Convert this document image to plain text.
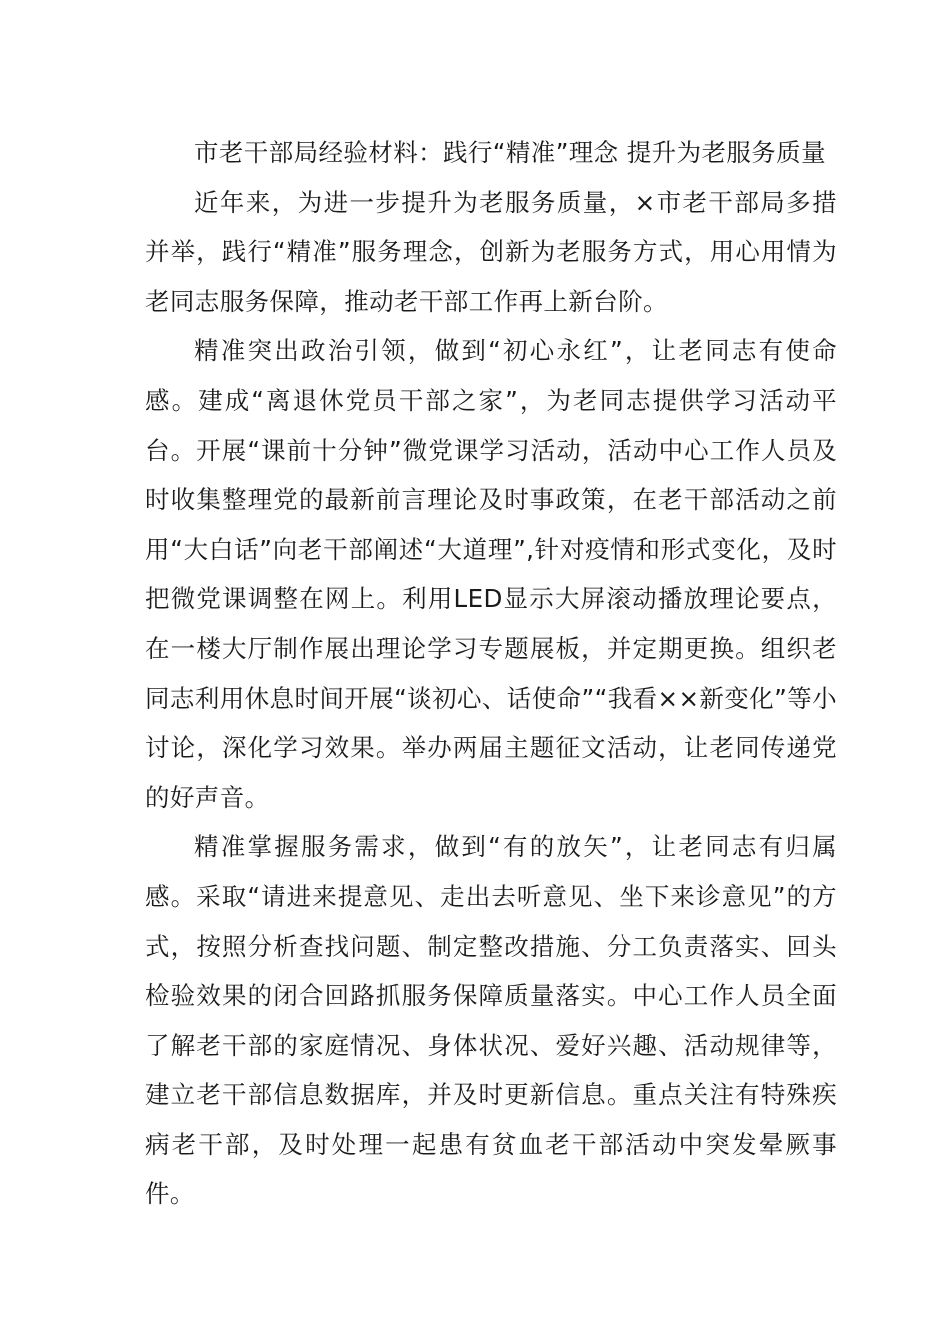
市老干部局经验材料：践行“精准”理念 提升为老服务质量

近年来，为进一步提升为老服务质量，×市老干部局多措并举，践行“精准”服务理念，创新为老服务方式，用心用情为老同志服务保障，推动老干部工作再上新台阶。

精准突出政治引领，做到“初心永红”，让老同志有使命感。建成“离退休党员干部之家”，为老同志提供学习活动平台。开展“课前十分钟”微党课学习活动，活动中心工作人员及时收集整理党的最新前言理论及时事政策，在老干部活动之前用“大白话”向老干部阐述“大道理”,针对疫情和形式变化，及时把微党课调整在网上。利用LED显示大屏滚动播放理论要点，在一楼大厅制作展出理论学习专题展板，并定期更换。组织老同志利用休息时间开展“谈初心、话使命”“我看××新变化”等小讨论，深化学习效果。举办两届主题征文活动，让老同传递党的好声音。

精准掌握服务需求，做到“有的放矢”，让老同志有归属感。采取“请进来提意见、走出去听意见、坐下来诊意见”的方式，按照分析查找问题、制定整改措施、分工负责落实、回头检验效果的闭合回路抓服务保障质量落实。中心工作人员全面了解老干部的家庭情况、身体状况、爱好兴趣、活动规律等，建立老干部信息数据库，并及时更新信息。重点关注有特殊疾病老干部，及时处理一起患有贫血老干部活动中突发晕厥事件。
